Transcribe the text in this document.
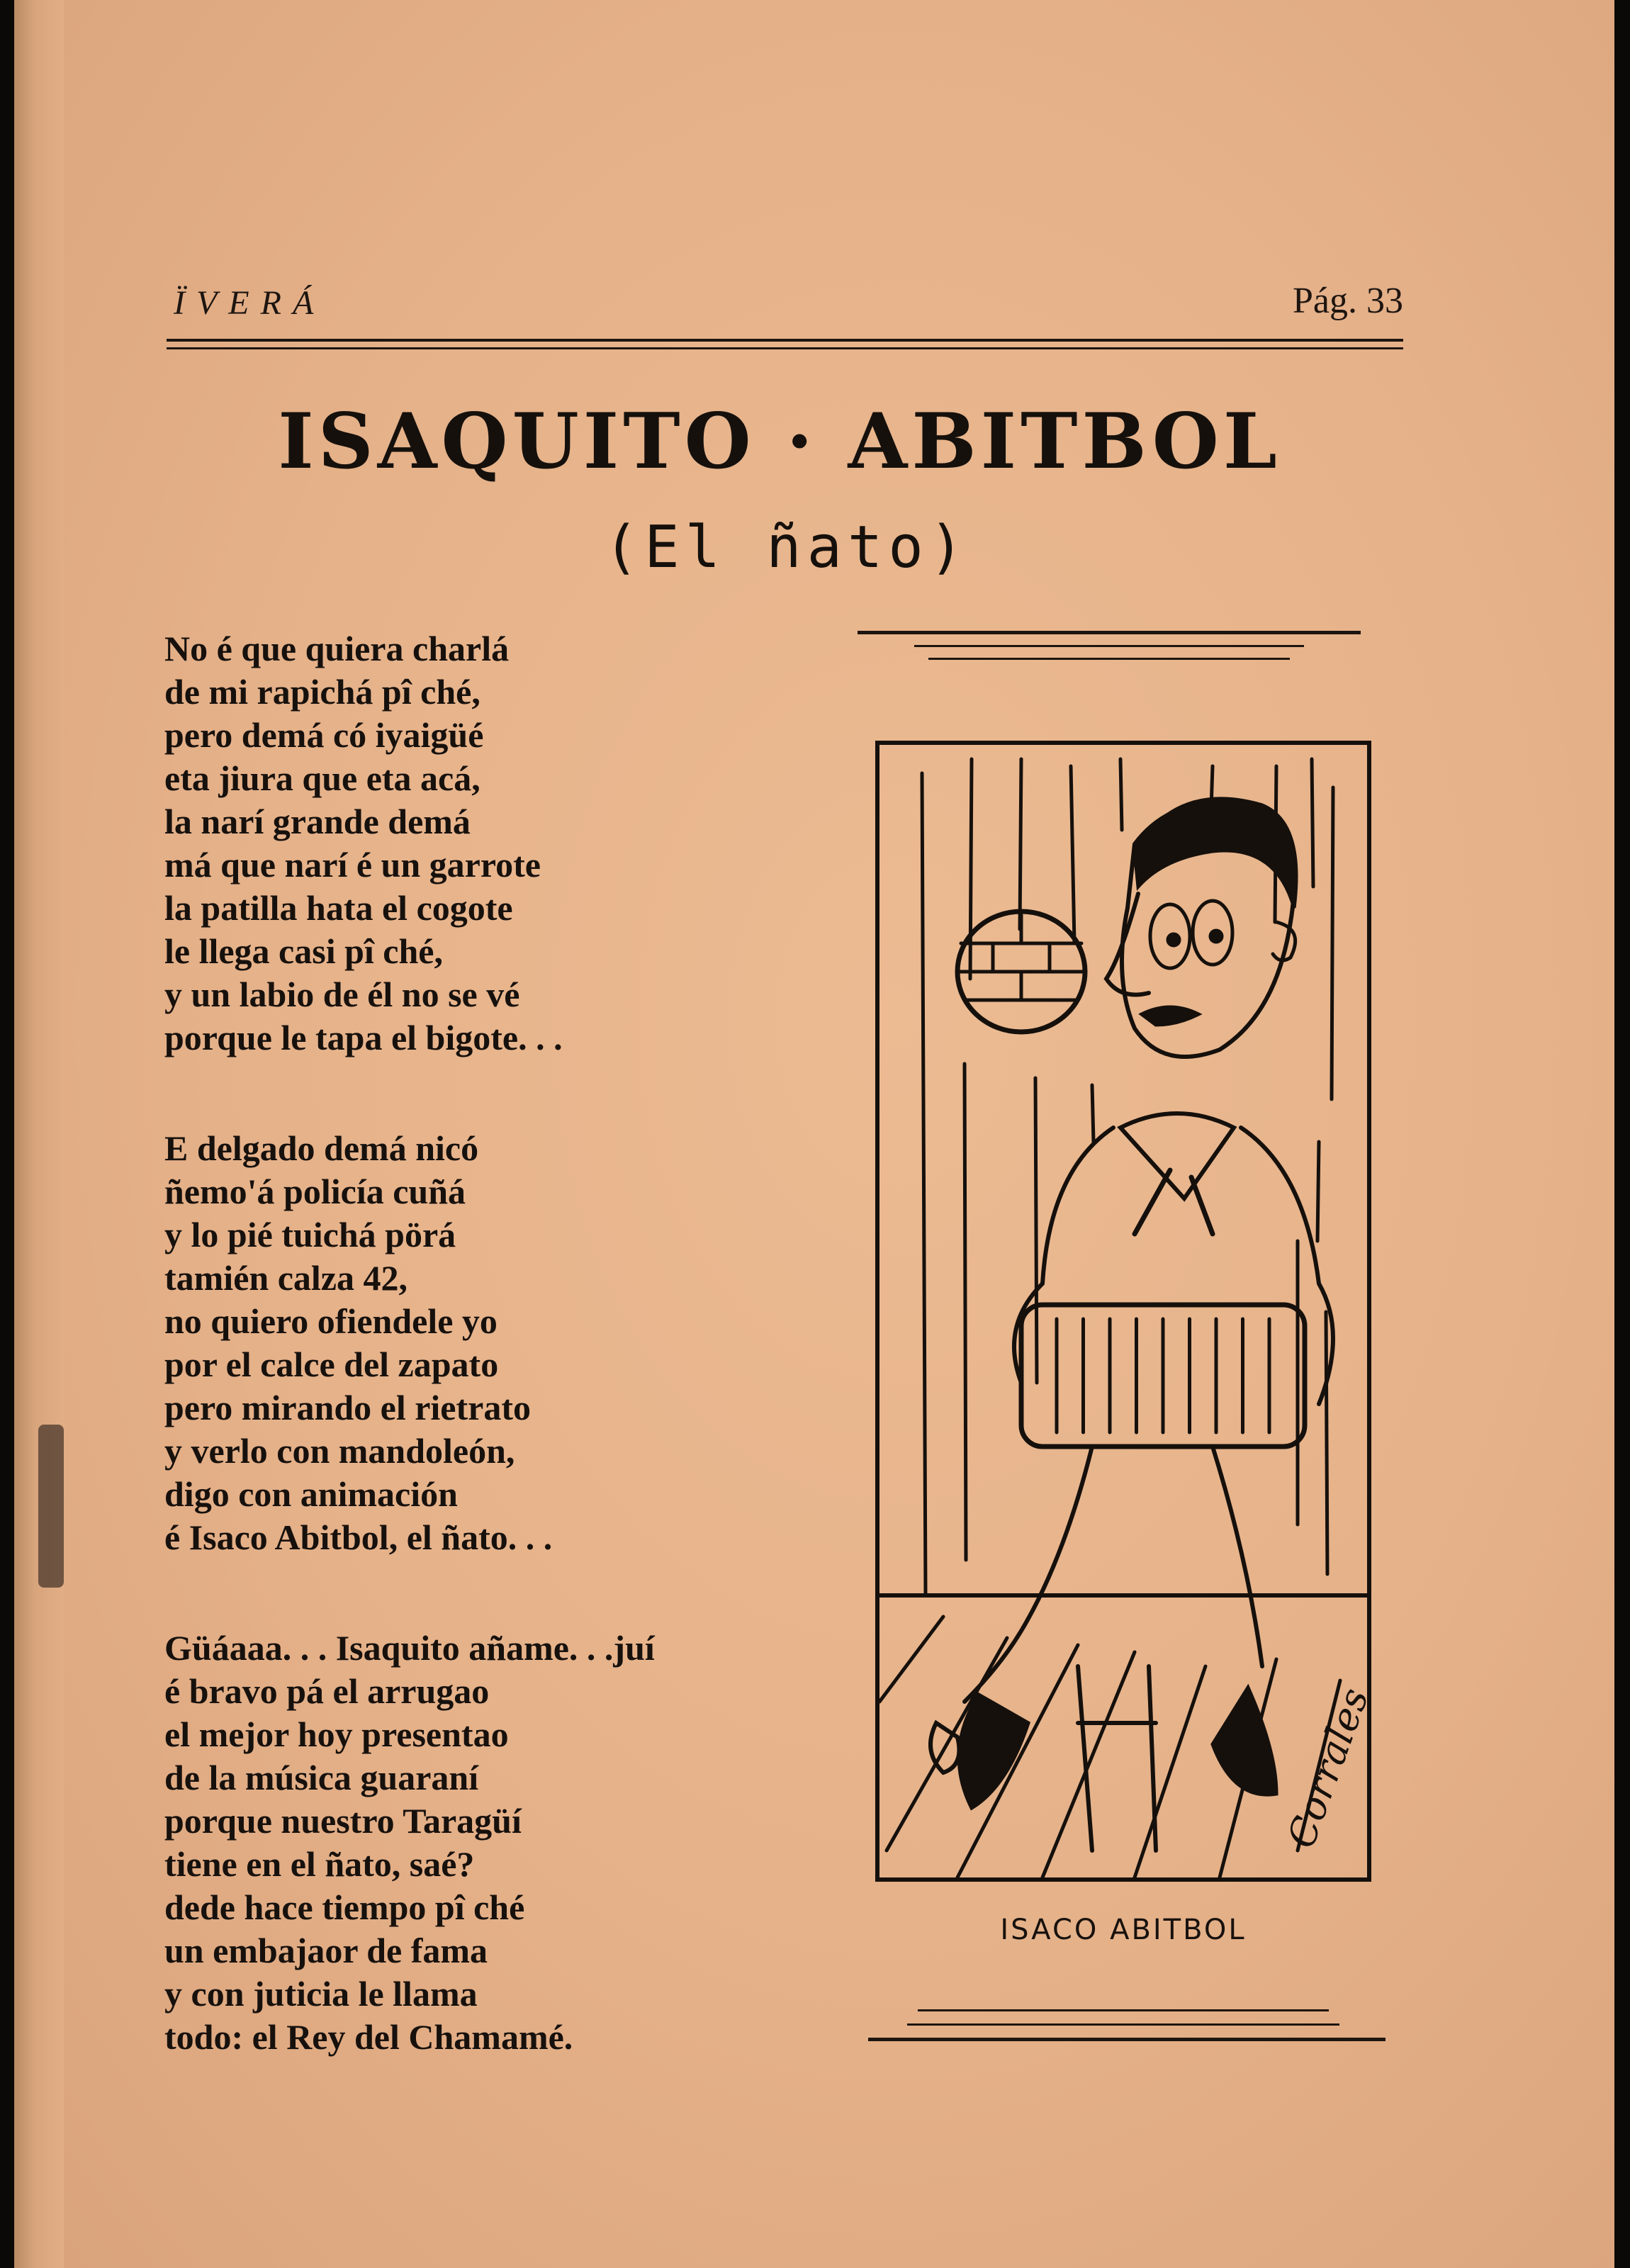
ÏVERÁ	Pág. 33
ISAQUITO · ABITBOL
(El ñato)
No é que quiera charlá
de mi rapichá pî ché,
pero demá có iyaigüé
eta jiura que eta acá,
la narí grande demá
má que narí é un garrote
la patilla hata el cogote
le llega casi pî ché,
y un labio de él no se vé
porque le tapa el bigote. . .
E delgado demá nicó
ñemo'á policía cuñá
y lo pié tuichá pörá
tamién calza 42,
no quiero ofiendele yo
por el calce del zapato
pero mirando el rietrato
y verlo con mandoleón,
digo con animación
é Isaco Abitbol, el ñato. . .
Güáaaa. . . Isaquito añame. . .juí
é bravo pá el arrugao
el mejor hoy presentao
de la música guaraní
porque nuestro Taragüí
tiene en el ñato, saé?
dede hace tiempo pî ché
un embajaor de fama
y con juticia le llama
todo: el Rey del Chamamé.
Corrales
ISACO ABITBOL
